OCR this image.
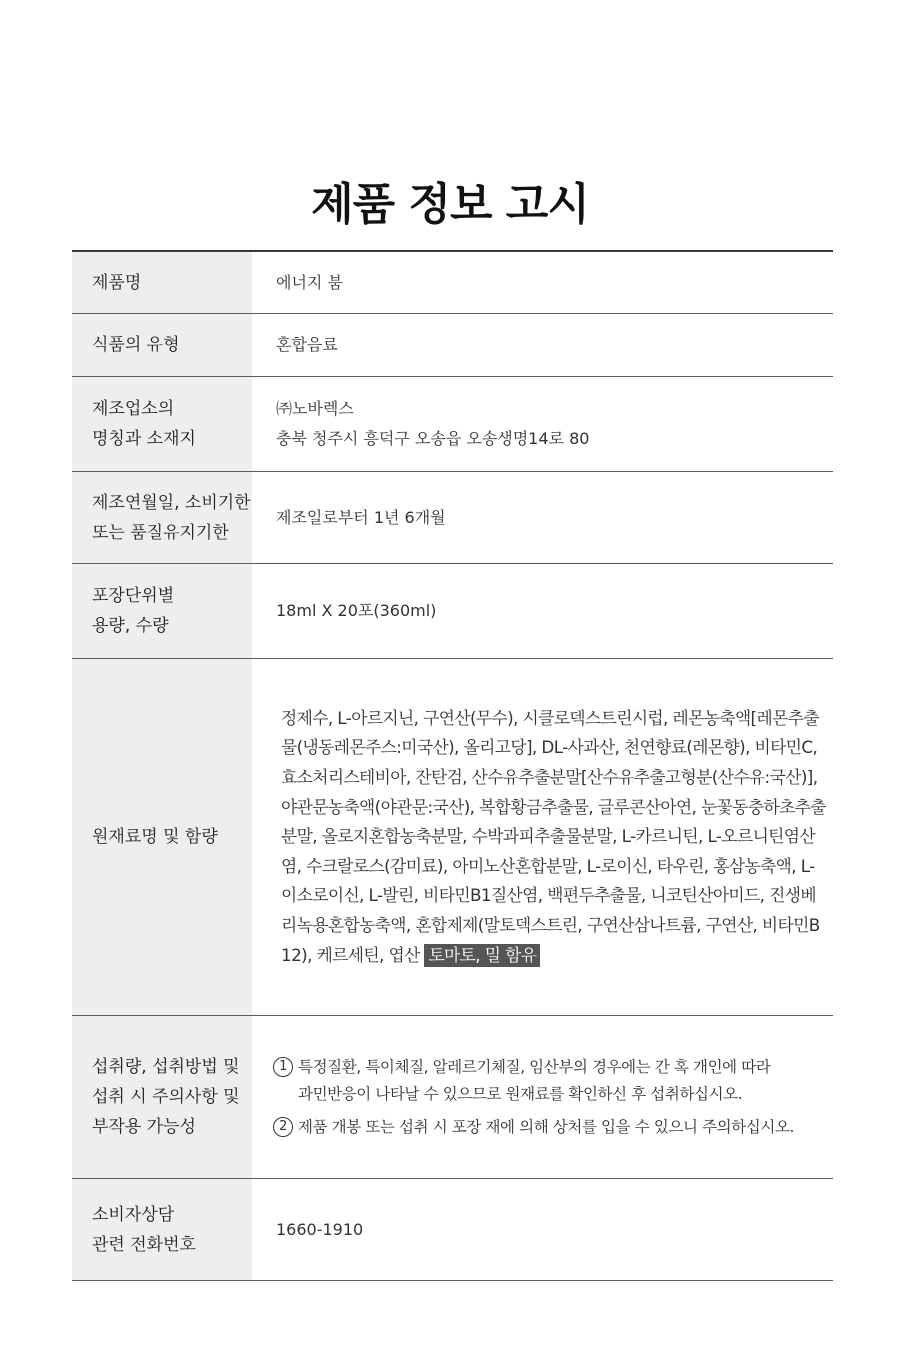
제품 정보 고시
제품명	에너지 붐
식품의 유형	혼합음료
제조업소의
명칭과 소재지
㈜노바렉스
충북 청주시 흥덕구 오송읍 오송생명14로 80
제조연월일, 소비기한
또는 품질유지기한
제조일로부터 1년 6개월
포장단위별
용량, 수량
18ml X 20포(360ml)
원재료명 및 함량
정제수, L-아르지닌, 구연산(무수), 시클로덱스트린시럽, 레몬농축액[레몬추출
물(냉동레몬주스:미국산), 올리고당], DL-사과산, 천연향료(레몬향), 비타민C,
효소처리스테비아, 잔탄검, 산수유추출분말[산수유추출고형분(산수유:국산)],
야관문농축액(야관문:국산), 복합황금추출물, 글루콘산아연, 눈꽃동충하초추출
분말, 올로지혼합농축분말, 수박과피추출물분말, L-카르니틴, L-오르니틴염산
염, 수크랄로스(감미료), 아미노산혼합분말, L-로이신, 타우린, 홍삼농축액, L-
이소로이신, L-발린, 비타민B1질산염, 백편두추출물, 니코틴산아미드, 진생베
리녹용혼합농축액, 혼합제제(말토덱스트린, 구연산삼나트륨, 구연산, 비타민B
12), 케르세틴, 엽산 토마토, 밀 함유
섭취량, 섭취방법 및
섭취 시 주의사항 및
부작용 가능성
1 특정질환, 특이체질, 알레르기체질, 임산부의 경우에는 간 혹 개인에 따라
과민반응이 나타날 수 있으므로 원재료를 확인하신 후 섭취하십시오.
2 제품 개봉 또는 섭취 시 포장 재에 의해 상처를 입을 수 있으니 주의하십시오.
소비자상담
관련 전화번호
1660-1910
